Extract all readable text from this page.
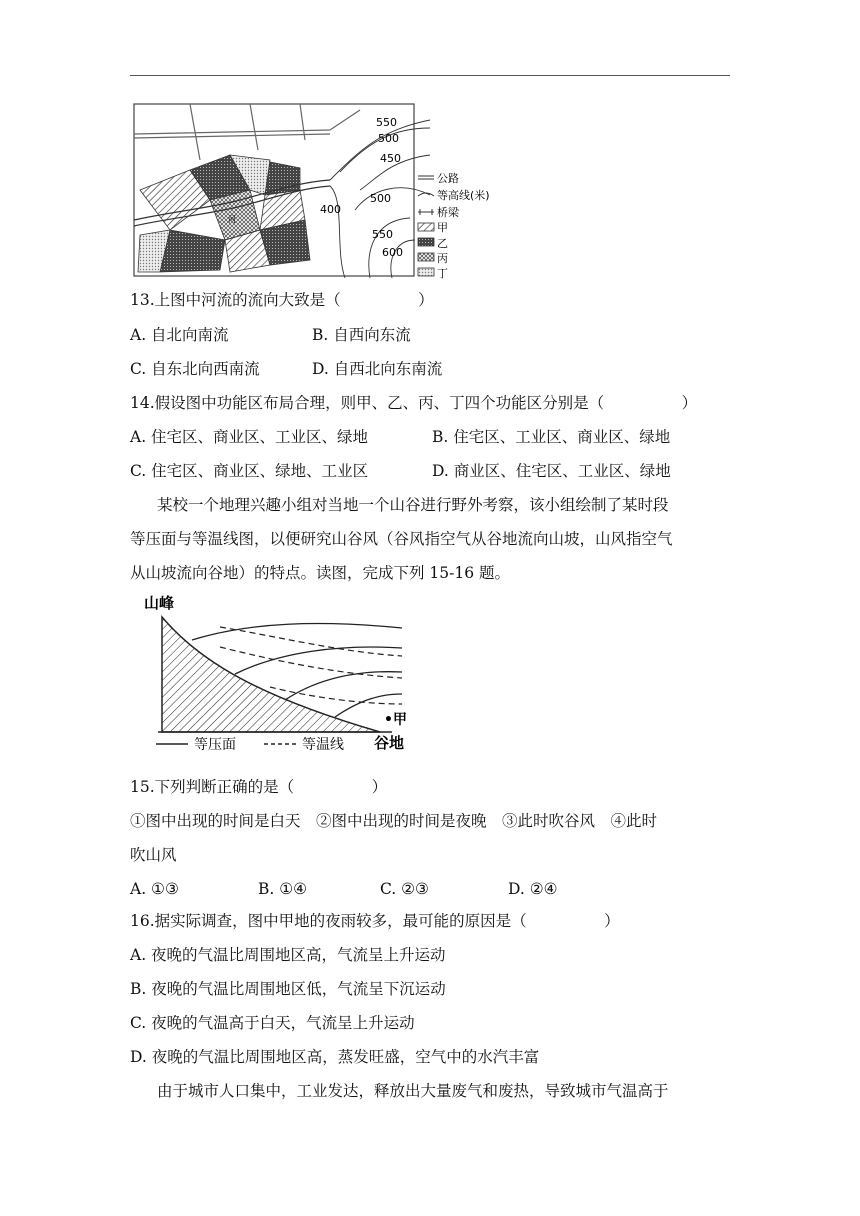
550
500
450
400
500
550
600
河
公路
等高线(米)
桥梁
甲
乙
丙
丁
13.上图中河流的流向大致是（　　　　　）
A. 自北向南流	B. 自西向东流
C. 自东北向西南流	D. 自西北向东南流
14.假设图中功能区布局合理，则甲、乙、丙、丁四个功能区分别是（　　　　　）
A. 住宅区、商业区、工业区、绿地	B. 住宅区、工业区、商业区、绿地
C. 住宅区、商业区、绿地、工业区	D. 商业区、住宅区、工业区、绿地
某校一个地理兴趣小组对当地一个山谷进行野外考察，该小组绘制了某时段
等压面与等温线图，以便研究山谷风（谷风指空气从谷地流向山坡，山风指空气
从山坡流向谷地）的特点。读图，完成下列 15-16 题。
山峰
•甲
谷地
等压面	等温线
15.下列判断正确的是（　　　　　）
①图中出现的时间是白天　②图中出现的时间是夜晚　③此时吹谷风　④此时
吹山风
A. ①③	B. ①④	C. ②③	D. ②④
16.据实际调查，图中甲地的夜雨较多，最可能的原因是（　　　　　）
A. 夜晚的气温比周围地区高，气流呈上升运动
B. 夜晚的气温比周围地区低，气流呈下沉运动
C. 夜晚的气温高于白天，气流呈上升运动
D. 夜晚的气温比周围地区高，蒸发旺盛，空气中的水汽丰富
由于城市人口集中，工业发达，释放出大量废气和废热，导致城市气温高于
